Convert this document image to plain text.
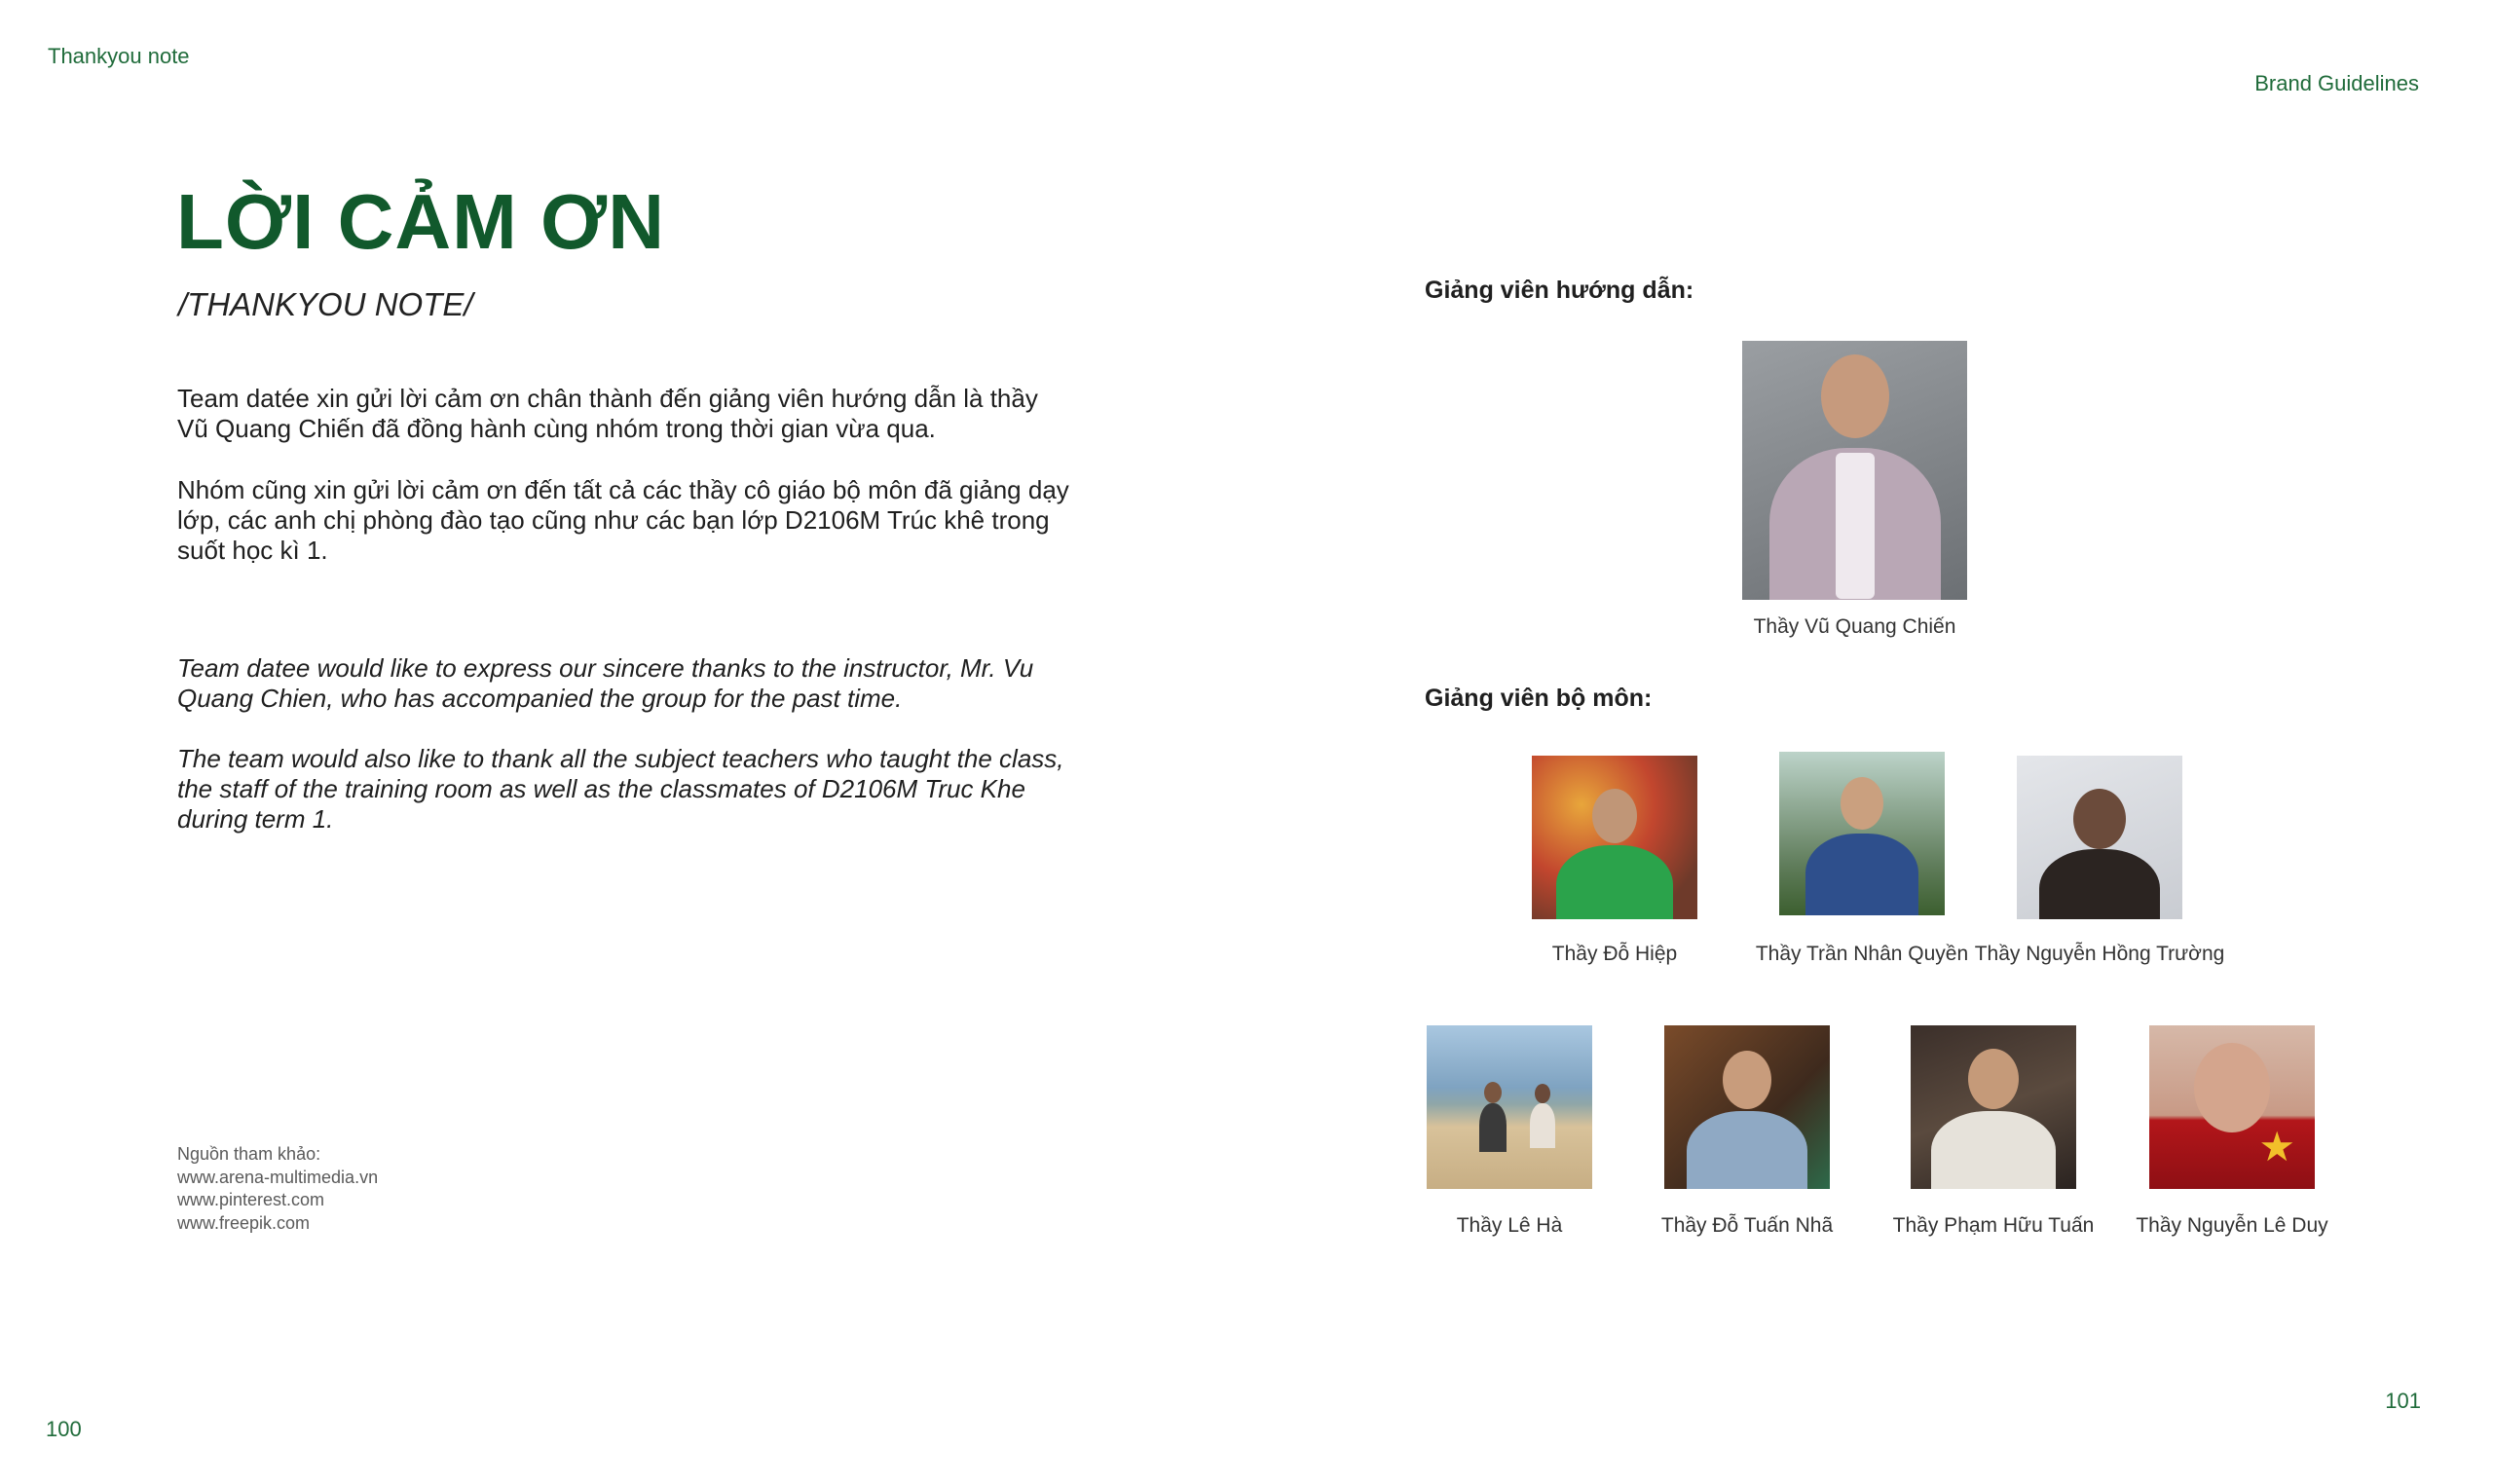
Thankyou note
Brand Guidelines
LỜI CẢM ƠN
/THANKYOU NOTE/

Team datée xin gửi lời cảm ơn chân thành đến giảng viên hướng dẫn là thầy Vũ Quang Chiến đã đồng hành cùng nhóm trong thời gian vừa qua.

Nhóm cũng xin gửi lời cảm ơn đến tất cả các thầy cô giáo bộ môn đã giảng dạy lớp, các anh chị phòng đào tạo cũng như các bạn lớp D2106M Trúc khê trong suốt học kì 1.

Team datee would like to express our sincere thanks to the instructor, Mr. Vu Quang Chien, who has accompanied the group for the past time.

The team would also like to thank all the subject teachers who taught the class, the staff of the training room as well as the classmates of D2106M Truc Khe during term 1.

Nguồn tham khảo:
www.arena-multimedia.vn
www.pinterest.com
www.freepik.com
100
101
Giảng viên hướng dẫn:
Thầy Vũ Quang Chiến
Giảng viên bộ môn:
Thầy Đỗ Hiệp	Thầy Trần Nhân Quyền Thầy Nguyễn Hồng Trường
Thầy Lê Hà	Thầy Đỗ Tuấn Nhã	Thầy Phạm Hữu Tuấn
★
Thầy Nguyễn Lê Duy
